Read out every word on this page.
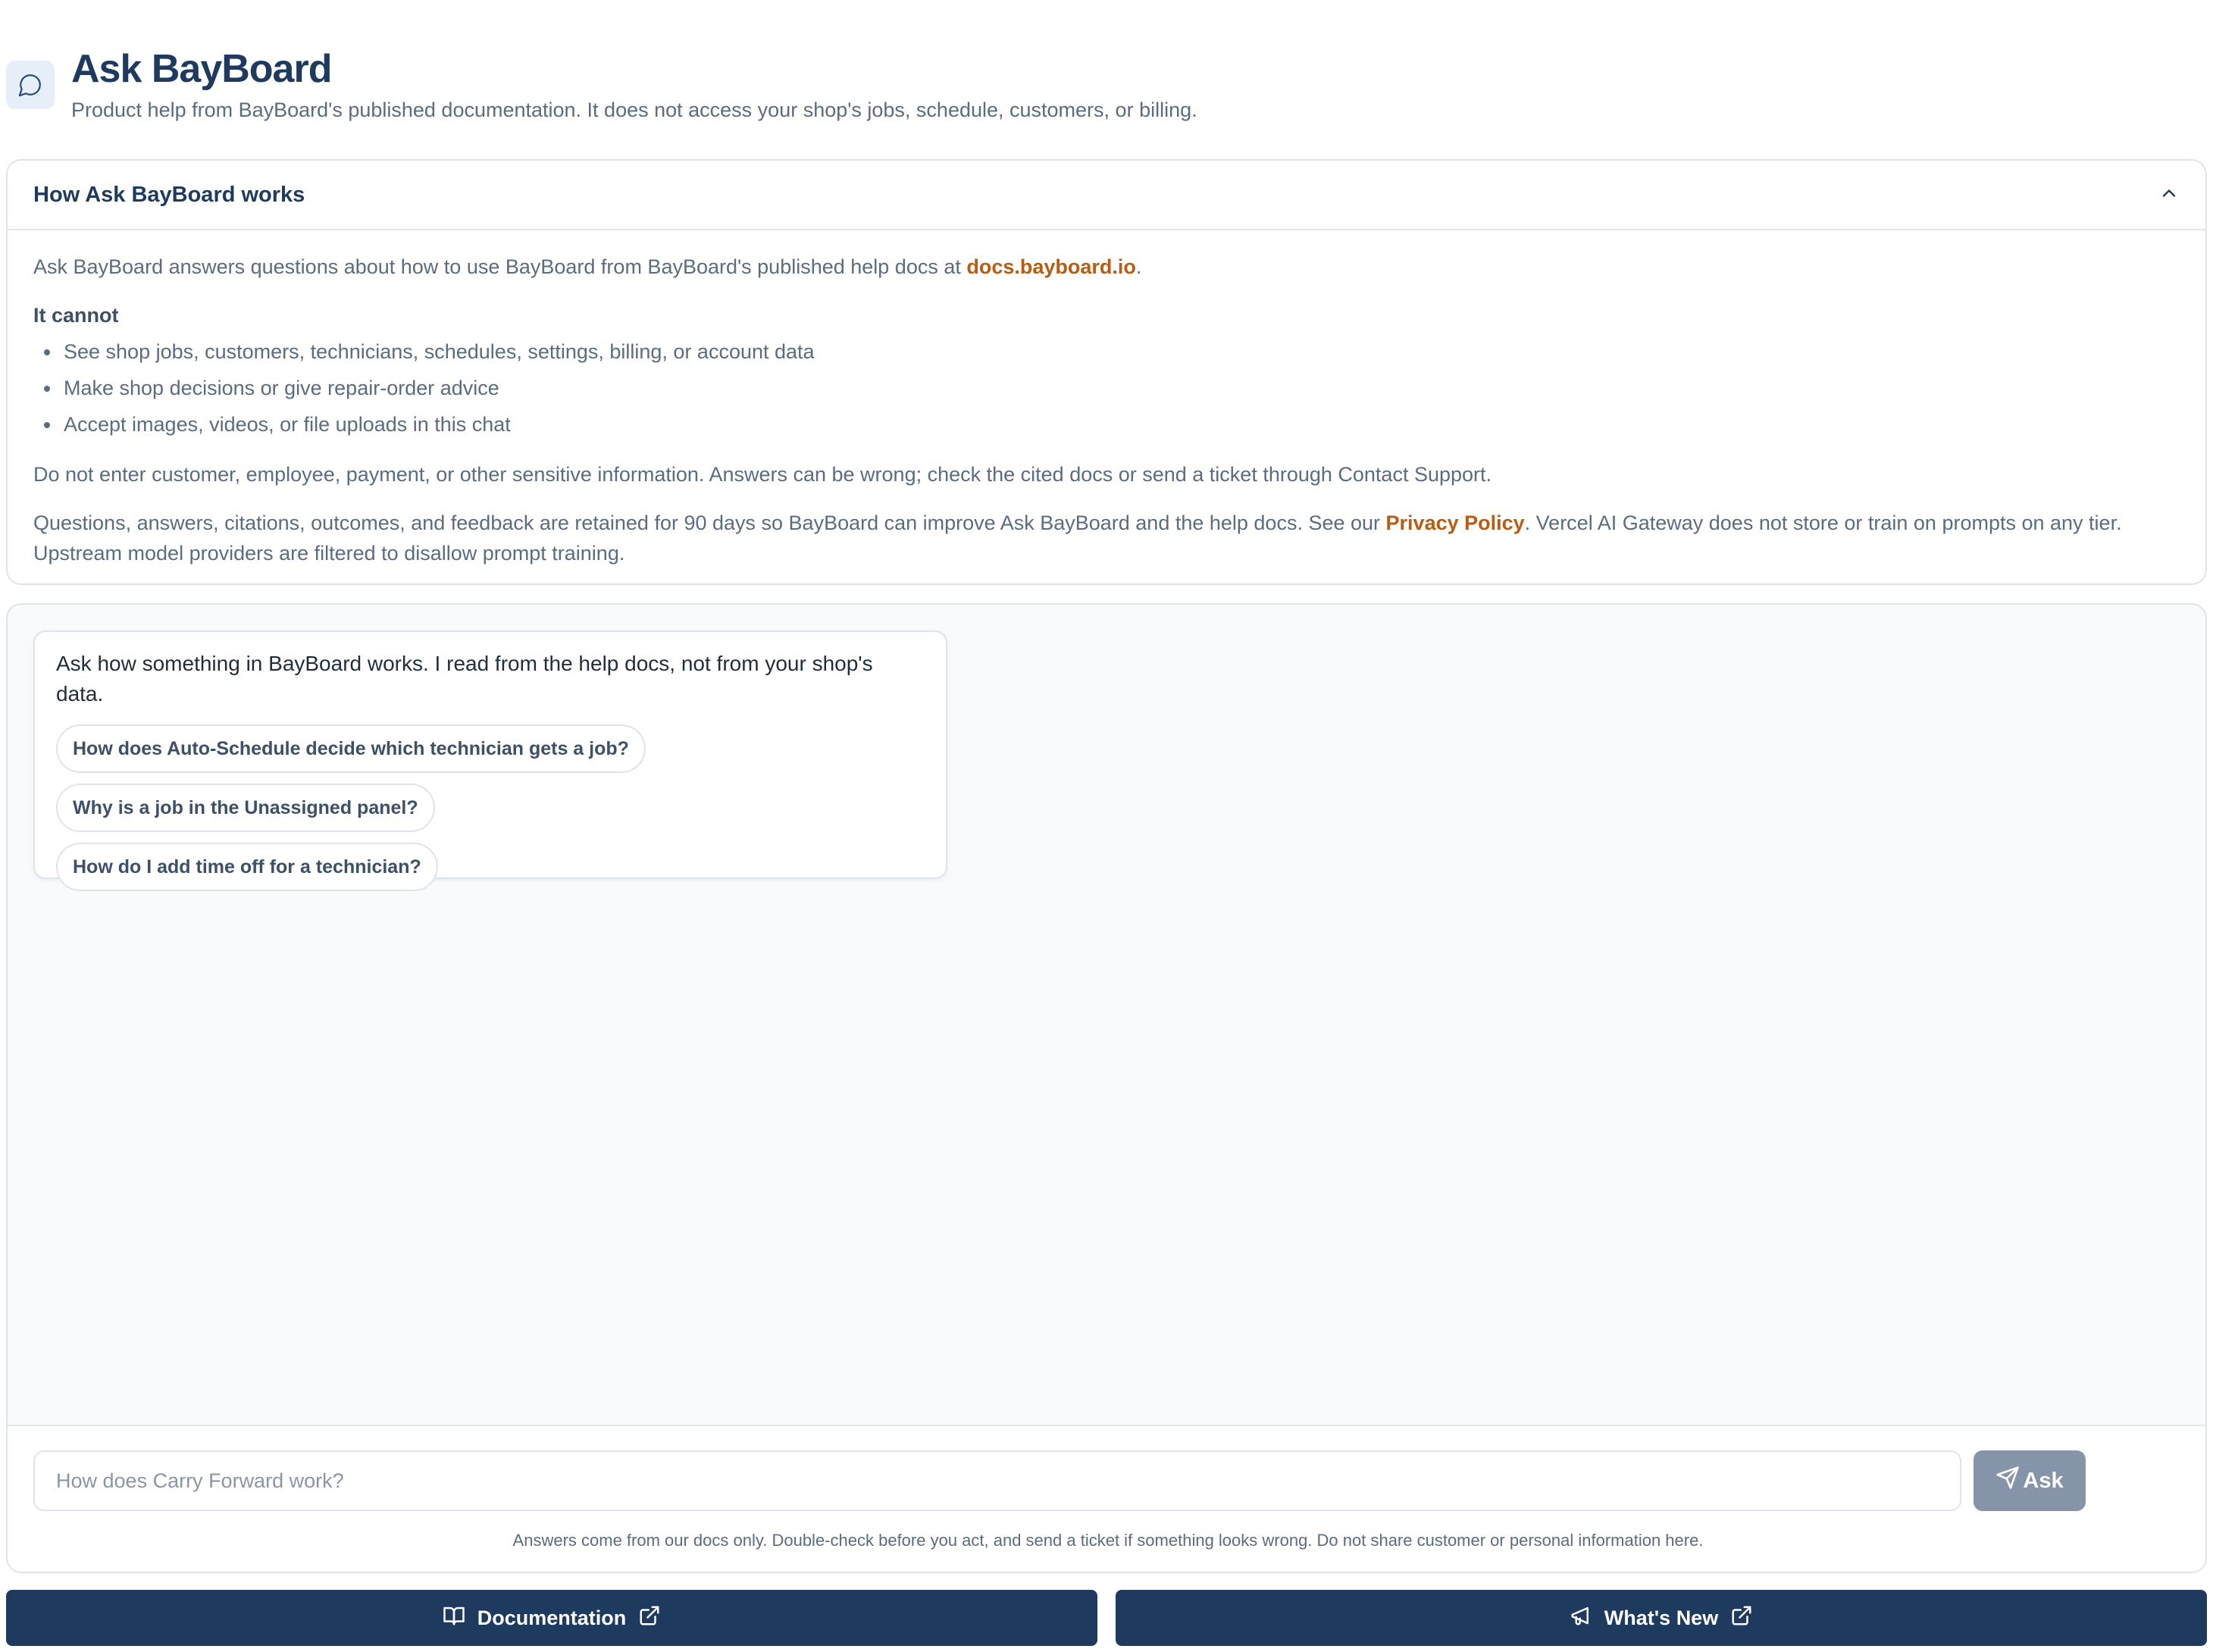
Ask BayBoard
Product help from BayBoard's published documentation. It does not access your shop's jobs, schedule, customers, or billing.
How Ask BayBoard works

Ask BayBoard answers questions about how to use BayBoard from BayBoard's published help docs at docs.bayboard.io.

It cannot
See shop jobs, customers, technicians, schedules, settings, billing, or account data
Make shop decisions or give repair-order advice
Accept images, videos, or file uploads in this chat

Do not enter customer, employee, payment, or other sensitive information. Answers can be wrong; check the cited docs or send a ticket through Contact Support.

Questions, answers, citations, outcomes, and feedback are retained for 90 days so BayBoard can improve Ask BayBoard and the help docs. See our Privacy Policy. Vercel AI Gateway does not store or train on prompts on any tier. Upstream model providers are filtered to disallow prompt training.

Ask how something in BayBoard works. I read from the help docs, not from your shop's data.
How does Auto-Schedule decide which technician gets a job?
Why is a job in the Unassigned panel?
How do I add time off for a technician?
How does Carry Forward work?
Ask
Answers come from our docs only. Double-check before you act, and send a ticket if something looks wrong. Do not share customer or personal information here.
Documentation	What's New
